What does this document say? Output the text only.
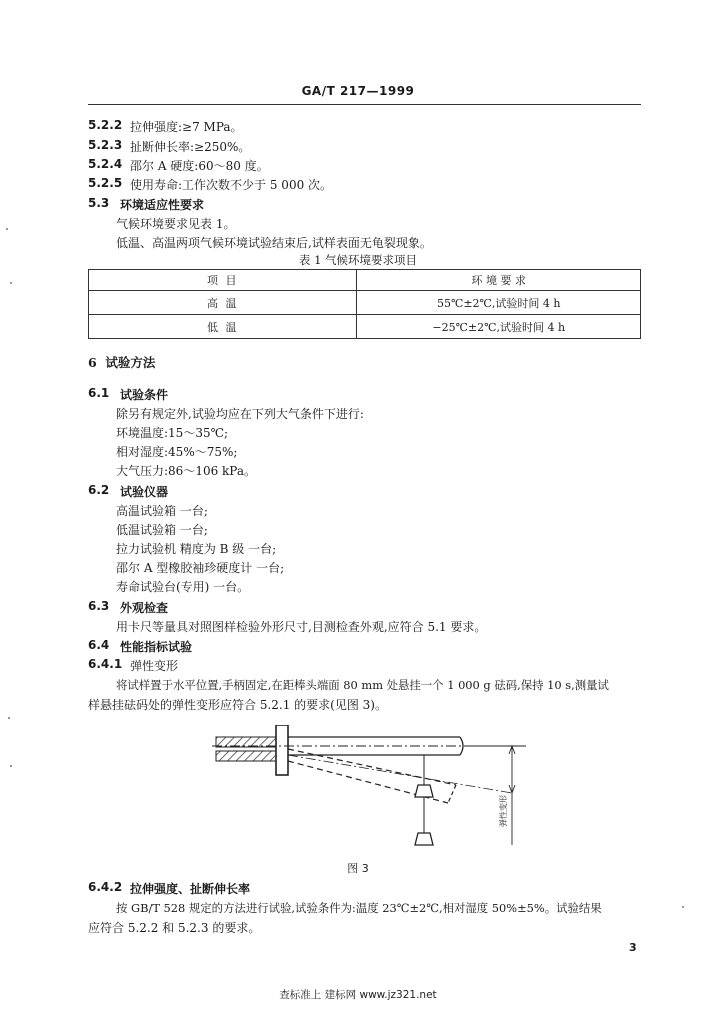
GA/T 217—1999
5.2.2 拉伸强度:≥7 MPa。
5.2.3 扯断伸长率:≥250%。
5.2.4 邵尔 A 硬度:60～80 度。
5.2.5 使用寿命:工作次数不少于 5 000 次。
5.3 环境适应性要求
气候环境要求见表 1。
低温、高温两项气候环境试验结束后,试样表面无龟裂现象。
表 1 气候环境要求项目
项 目	环 境 要 求
高 温	55℃±2℃,试验时间 4 h
低 温	−25℃±2℃,试验时间 4 h
6 试验方法
6.1 试验条件
除另有规定外,试验均应在下列大气条件下进行:
环境温度:15～35℃;
相对湿度:45%～75%;
大气压力:86～106 kPa。
6.2 试验仪器
高温试验箱 一台;
低温试验箱 一台;
拉力试验机 精度为 B 级 一台;
邵尔 A 型橡胶袖珍硬度计 一台;
寿命试验台(专用) 一台。
6.3 外观检查
用卡尺等量具对照图样检验外形尺寸,目测检查外观,应符合 5.1 要求。
6.4 性能指标试验
6.4.1 弹性变形
将试样置于水平位置,手柄固定,在距棒头端面 80 mm 处悬挂一个 1 000 g 砝码,保持 10 s,测量试
样悬挂砝码处的弹性变形应符合 5.2.1 的要求(见图 3)。
弹性变形
图 3
6.4.2 拉伸强度、扯断伸长率
按 GB/T 528 规定的方法进行试验,试验条件为:温度 23℃±2℃,相对湿度 50%±5%。试验结果
应符合 5.2.2 和 5.2.3 的要求。
3
查标准上 建标网 www.jz321.net
